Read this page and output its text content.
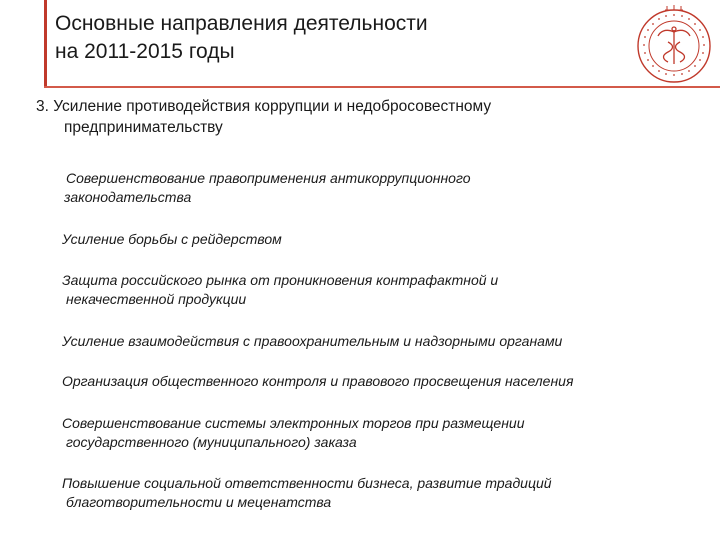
Основные направления деятельности
на 2011-2015 годы
3. Усиление противодействия коррупции и недобросовестному
предпринимательству
Совершенствование правоприменения антикоррупционного
законодательства
Усиление борьбы с рейдерством
Защита российского рынка от проникновения контрафактной и
некачественной продукции
Усиление взаимодействия с правоохранительным и надзорными органами
Организация общественного контроля и правового просвещения населения
Совершенствование системы электронных торгов при размещении
государственного (муниципального) заказа
Повышение социальной ответственности бизнеса, развитие традиций
благотворительности и меценатства
